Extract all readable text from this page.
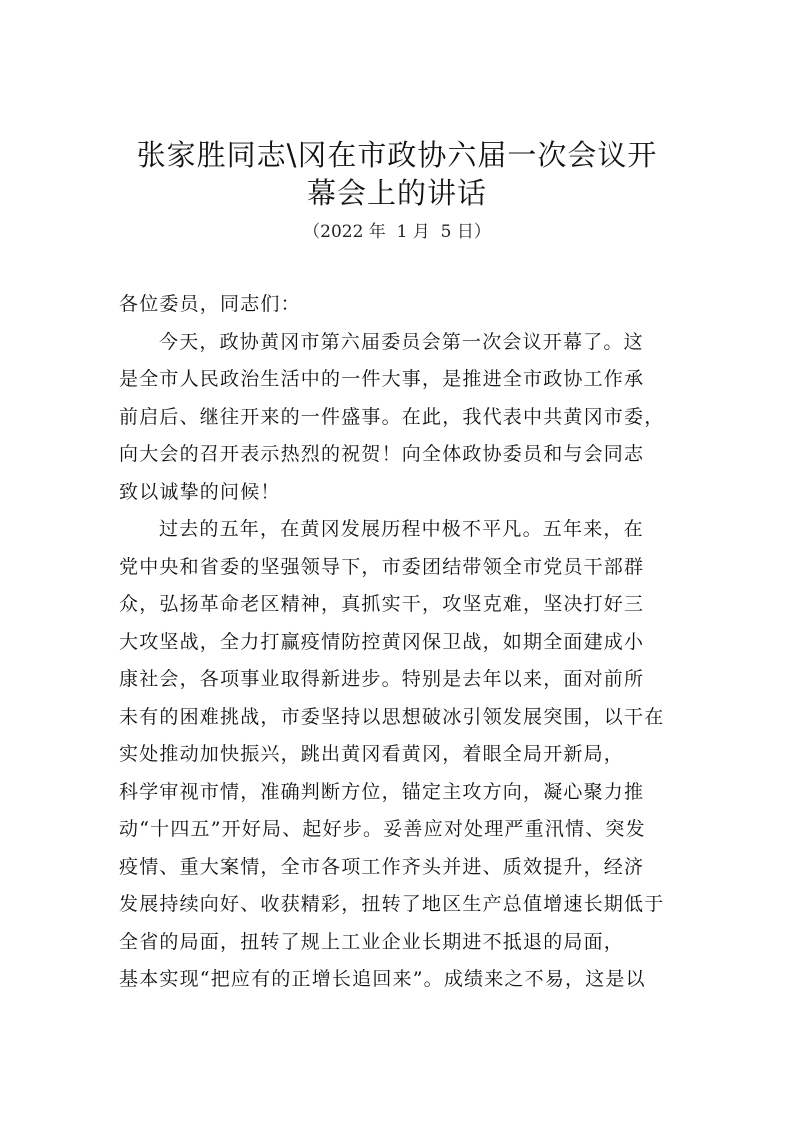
张家胜同志\冈在市政协六届一次会议开
幕会上的讲话
（2022 年  1 月  5 日）
各位委员，同志们：
今天，政协黄冈市第六届委员会第一次会议开幕了。这
是全市人民政治生活中的一件大事，是推进全市政协工作承
前启后、继往开来的一件盛事。在此，我代表中共黄冈市委，
向大会的召开表示热烈的祝贺！向全体政协委员和与会同志
致以诚挚的问候！
过去的五年，在黄冈发展历程中极不平凡。五年来，在
党中央和省委的坚强领导下，市委团结带领全市党员干部群
众，弘扬革命老区精神，真抓实干，攻坚克难，坚决打好三
大攻坚战，全力打赢疫情防控黄冈保卫战，如期全面建成小
康社会，各项事业取得新进步。特别是去年以来，面对前所
未有的困难挑战，市委坚持以思想破冰引领发展突围，以干在
实处推动加快振兴，跳出黄冈看黄冈，着眼全局开新局，
科学审视市情，准确判断方位，锚定主攻方向，凝心聚力推
动“十四五”开好局、起好步。妥善应对处理严重汛情、突发
疫情、重大案情，全市各项工作齐头并进、质效提升，经济
发展持续向好、收获精彩，扭转了地区生产总值增速长期低于
全省的局面，扭转了规上工业企业长期进不抵退的局面，
基本实现“把应有的正增长追回来”。成绩来之不易，这是以
